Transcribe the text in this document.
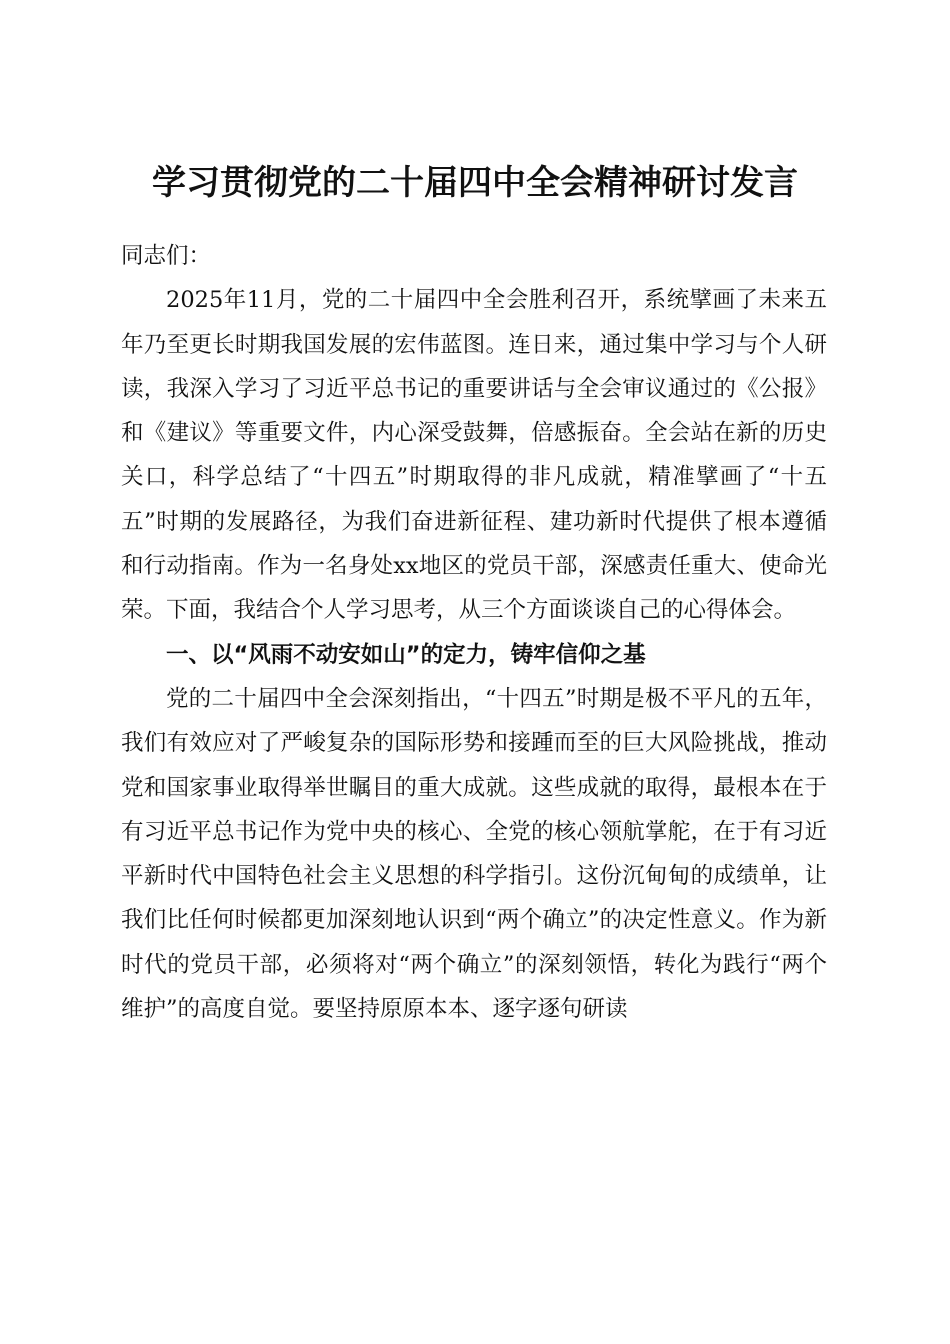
学习贯彻党的二十届四中全会精神研讨发言

同志们：

2025年11月，党的二十届四中全会胜利召开，系统擘画了未来五年乃至更长时期我国发展的宏伟蓝图。连日来，通过集中学习与个人研读，我深入学习了习近平总书记的重要讲话与全会审议通过的《公报》和《建议》等重要文件，内心深受鼓舞，倍感振奋。全会站在新的历史关口，科学总结了“十四五”时期取得的非凡成就，精准擘画了“十五五”时期的发展路径，为我们奋进新征程、建功新时代提供了根本遵循和行动指南。作为一名身处xx地区的党员干部，深感责任重大、使命光荣。下面，我结合个人学习思考，从三个方面谈谈自己的心得体会。

一、以“风雨不动安如山”的定力，铸牢信仰之基

党的二十届四中全会深刻指出，“十四五”时期是极不平凡的五年，我们有效应对了严峻复杂的国际形势和接踵而至的巨大风险挑战，推动党和国家事业取得举世瞩目的重大成就。这些成就的取得，最根本在于有习近平总书记作为党中央的核心、全党的核心领航掌舵，在于有习近平新时代中国特色社会主义思想的科学指引。这份沉甸甸的成绩单，让我们比任何时候都更加深刻地认识到“两个确立”的决定性意义。作为新时代的党员干部，必须将对“两个确立”的深刻领悟，转化为践行“两个维护”的高度自觉。要坚持原原本本、逐字逐句研读
